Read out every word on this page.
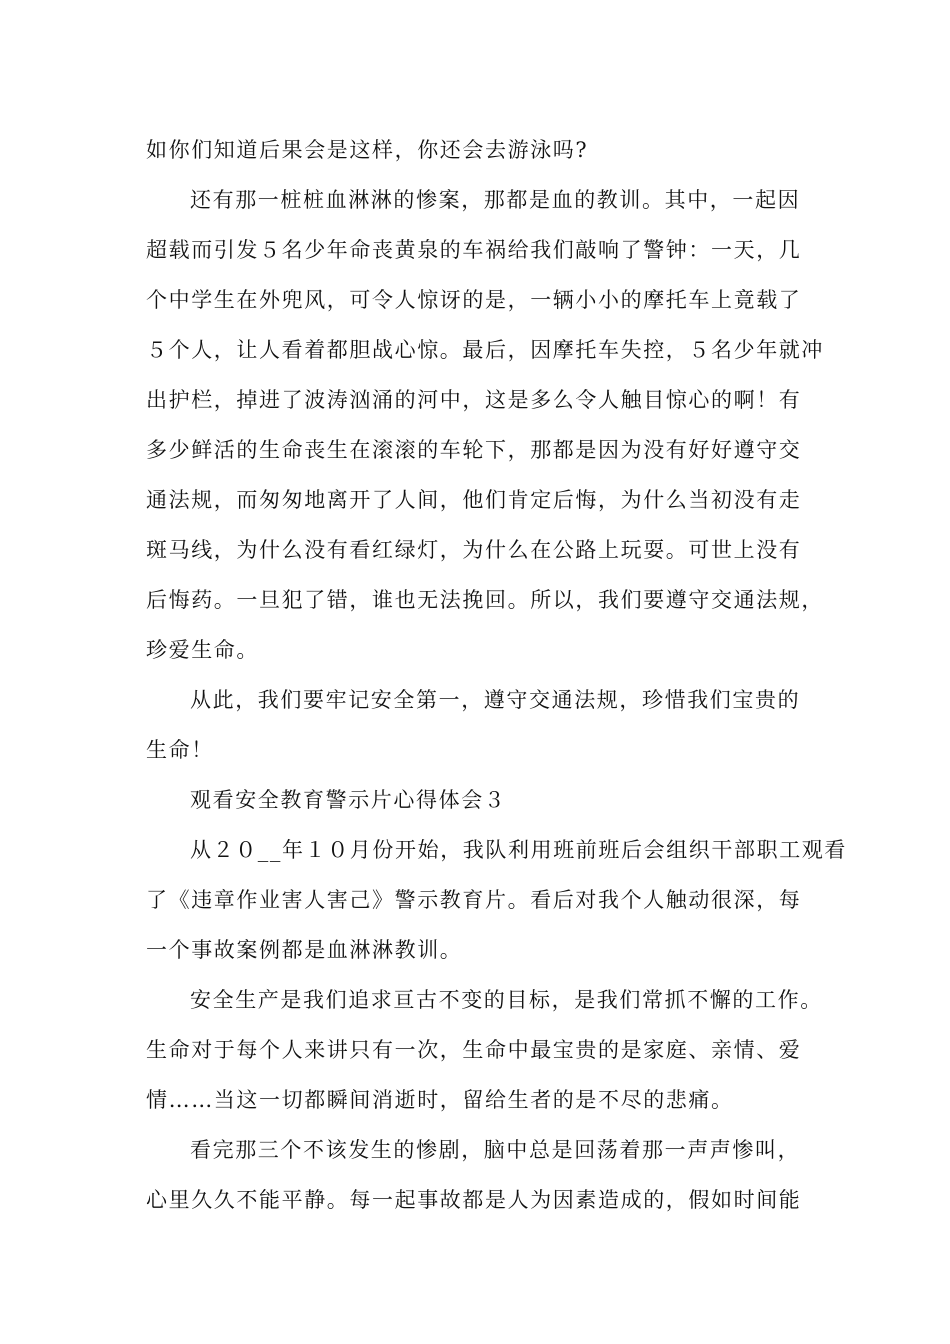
如你们知道后果会是这样，你还会去游泳吗?
还有那一桩桩血淋淋的惨案，那都是血的教训。其中，一起因
超载而引发５名少年命丧黄泉的车祸给我们敲响了警钟：一天，几
个中学生在外兜风，可令人惊讶的是，一辆小小的摩托车上竟载了
５个人，让人看着都胆战心惊。最后，因摩托车失控，５名少年就冲
出护栏，掉进了波涛汹涌的河中，这是多么令人触目惊心的啊！有
多少鲜活的生命丧生在滚滚的车轮下，那都是因为没有好好遵守交
通法规，而匆匆地离开了人间，他们肯定后悔，为什么当初没有走
斑马线，为什么没有看红绿灯，为什么在公路上玩耍。可世上没有
后悔药。一旦犯了错，谁也无法挽回。所以，我们要遵守交通法规，
珍爱生命。
从此，我们要牢记安全第一，遵守交通法规，珍惜我们宝贵的
生命！
观看安全教育警示片心得体会３
从２０__年１０月份开始，我队利用班前班后会组织干部职工观看
了《违章作业害人害己》警示教育片。看后对我个人触动很深，每
一个事故案例都是血淋淋教训。
安全生产是我们追求亘古不变的目标，是我们常抓不懈的工作。
生命对于每个人来讲只有一次，生命中最宝贵的是家庭、亲情、爱
情……当这一切都瞬间消逝时，留给生者的是不尽的悲痛。
看完那三个不该发生的惨剧，脑中总是回荡着那一声声惨叫，
心里久久不能平静。每一起事故都是人为因素造成的，假如时间能
